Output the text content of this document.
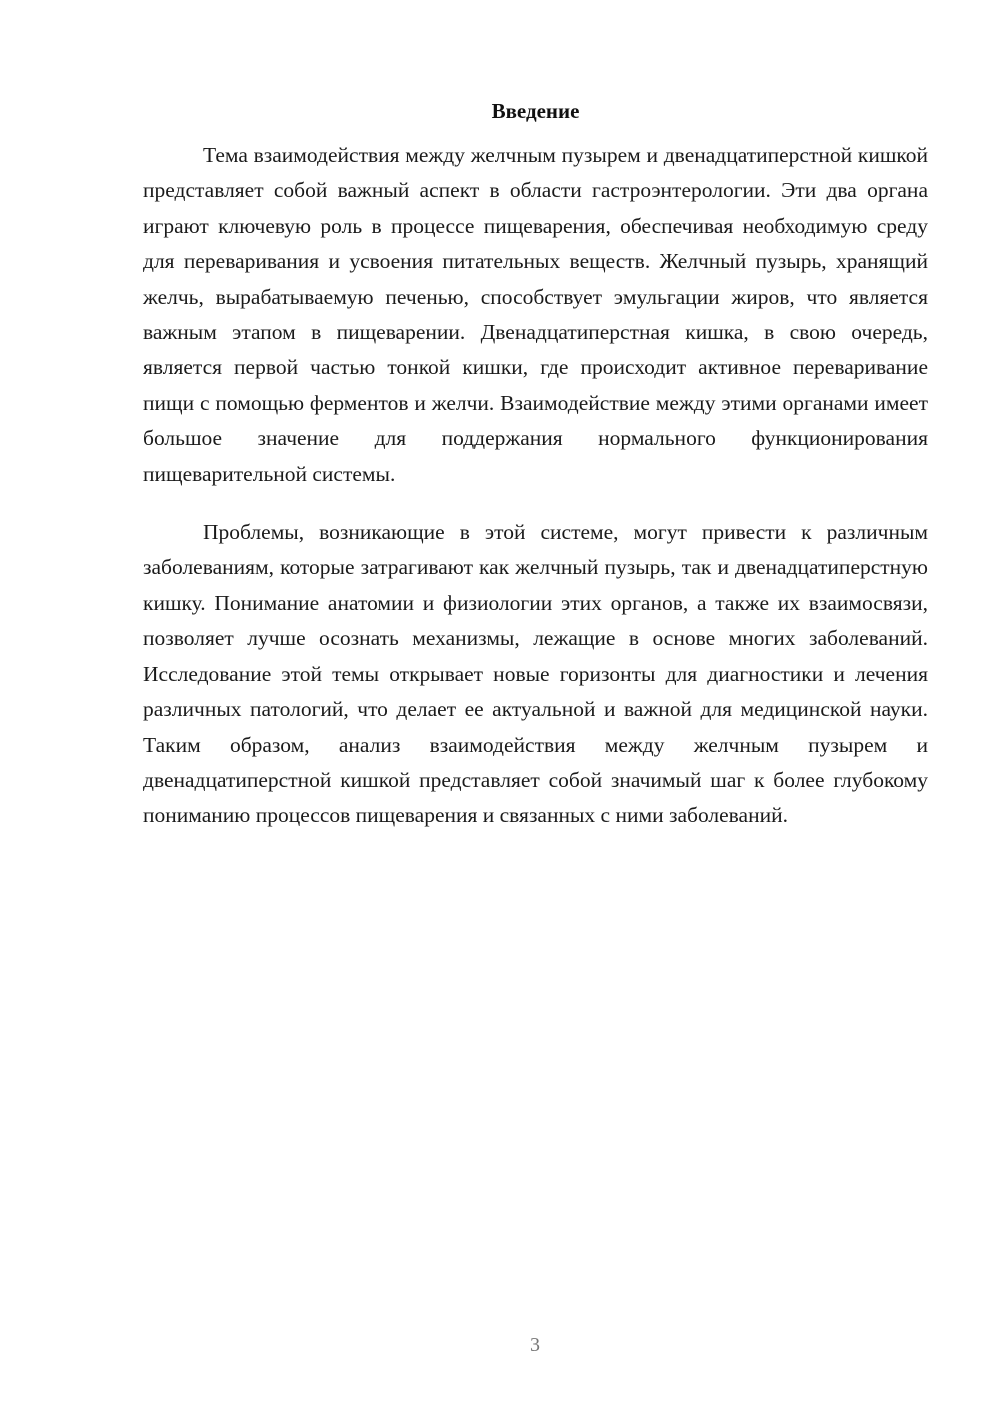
Введение

Тема взаимодействия между желчным пузырем и двенадцатиперстной кишкой представляет собой важный аспект в области гастроэнтерологии. Эти два органа играют ключевую роль в процессе пищеварения, обеспечивая необходимую среду для переваривания и усвоения питательных веществ. Желчный пузырь, хранящий желчь, вырабатываемую печенью, способствует эмульгации жиров, что является важным этапом в пищеварении. Двенадцатиперстная кишка, в свою очередь, является первой частью тонкой кишки, где происходит активное переваривание пищи с помощью ферментов и желчи. Взаимодействие между этими органами имеет большое значение для поддержания нормального функционирования пищеварительной системы.

Проблемы, возникающие в этой системе, могут привести к различным заболеваниям, которые затрагивают как желчный пузырь, так и двенадцатиперстную кишку. Понимание анатомии и физиологии этих органов, а также их взаимосвязи, позволяет лучше осознать механизмы, лежащие в основе многих заболеваний. Исследование этой темы открывает новые горизонты для диагностики и лечения различных патологий, что делает ее актуальной и важной для медицинской науки. Таким образом, анализ взаимодействия между желчным пузырем и двенадцатиперстной кишкой представляет собой значимый шаг к более глубокому пониманию процессов пищеварения и связанных с ними заболеваний.

3
